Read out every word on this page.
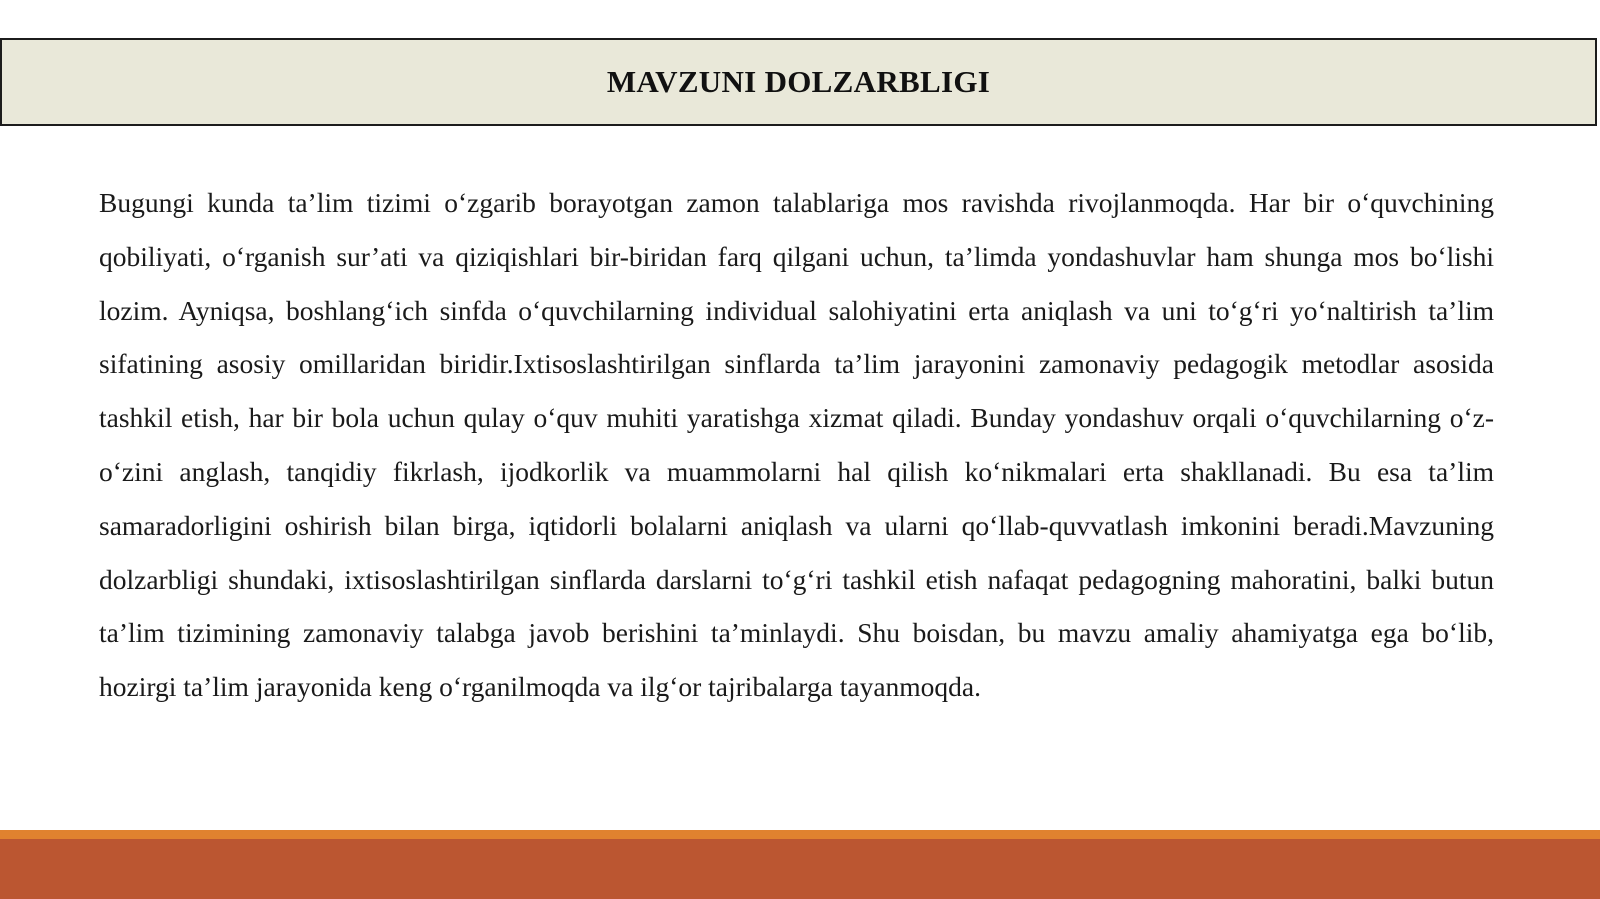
MAVZUNI DOLZARBLIGI

Bugungi kunda ta’lim tizimi o‘zgarib borayotgan zamon talablariga mos ravishda rivojlanmoqda. Har bir o‘quvchining qobiliyati, o‘rganish sur’ati va qiziqishlari bir-biridan farq qilgani uchun, ta’limda yondashuvlar ham shunga mos bo‘lishi lozim. Ayniqsa, boshlang‘ich sinfda o‘quvchilarning individual salohiyatini erta aniqlash va uni to‘g‘ri yo‘naltirish ta’lim sifatining asosiy omillaridan biridir.Ixtisoslashtirilgan sinflarda ta’lim jarayonini zamonaviy pedagogik metodlar asosida tashkil etish, har bir bola uchun qulay o‘quv muhiti yaratishga xizmat qiladi. Bunday yondashuv orqali o‘quvchilarning o‘z-o‘zini anglash, tanqidiy fikrlash, ijodkorlik va muammolarni hal qilish ko‘nikmalari erta shakllanadi. Bu esa ta’lim samaradorligini oshirish bilan birga, iqtidorli bolalarni aniqlash va ularni qo‘llab-quvvatlash imkonini beradi.Mavzuning dolzarbligi shundaki, ixtisoslashtirilgan sinflarda darslarni to‘g‘ri tashkil etish nafaqat pedagogning mahoratini, balki butun ta’lim tizimining zamonaviy talabga javob berishini ta’minlaydi. Shu boisdan, bu mavzu amaliy ahamiyatga ega bo‘lib, hozirgi ta’lim jarayonida keng o‘rganilmoqda va ilg‘or tajribalarga tayanmoqda.
